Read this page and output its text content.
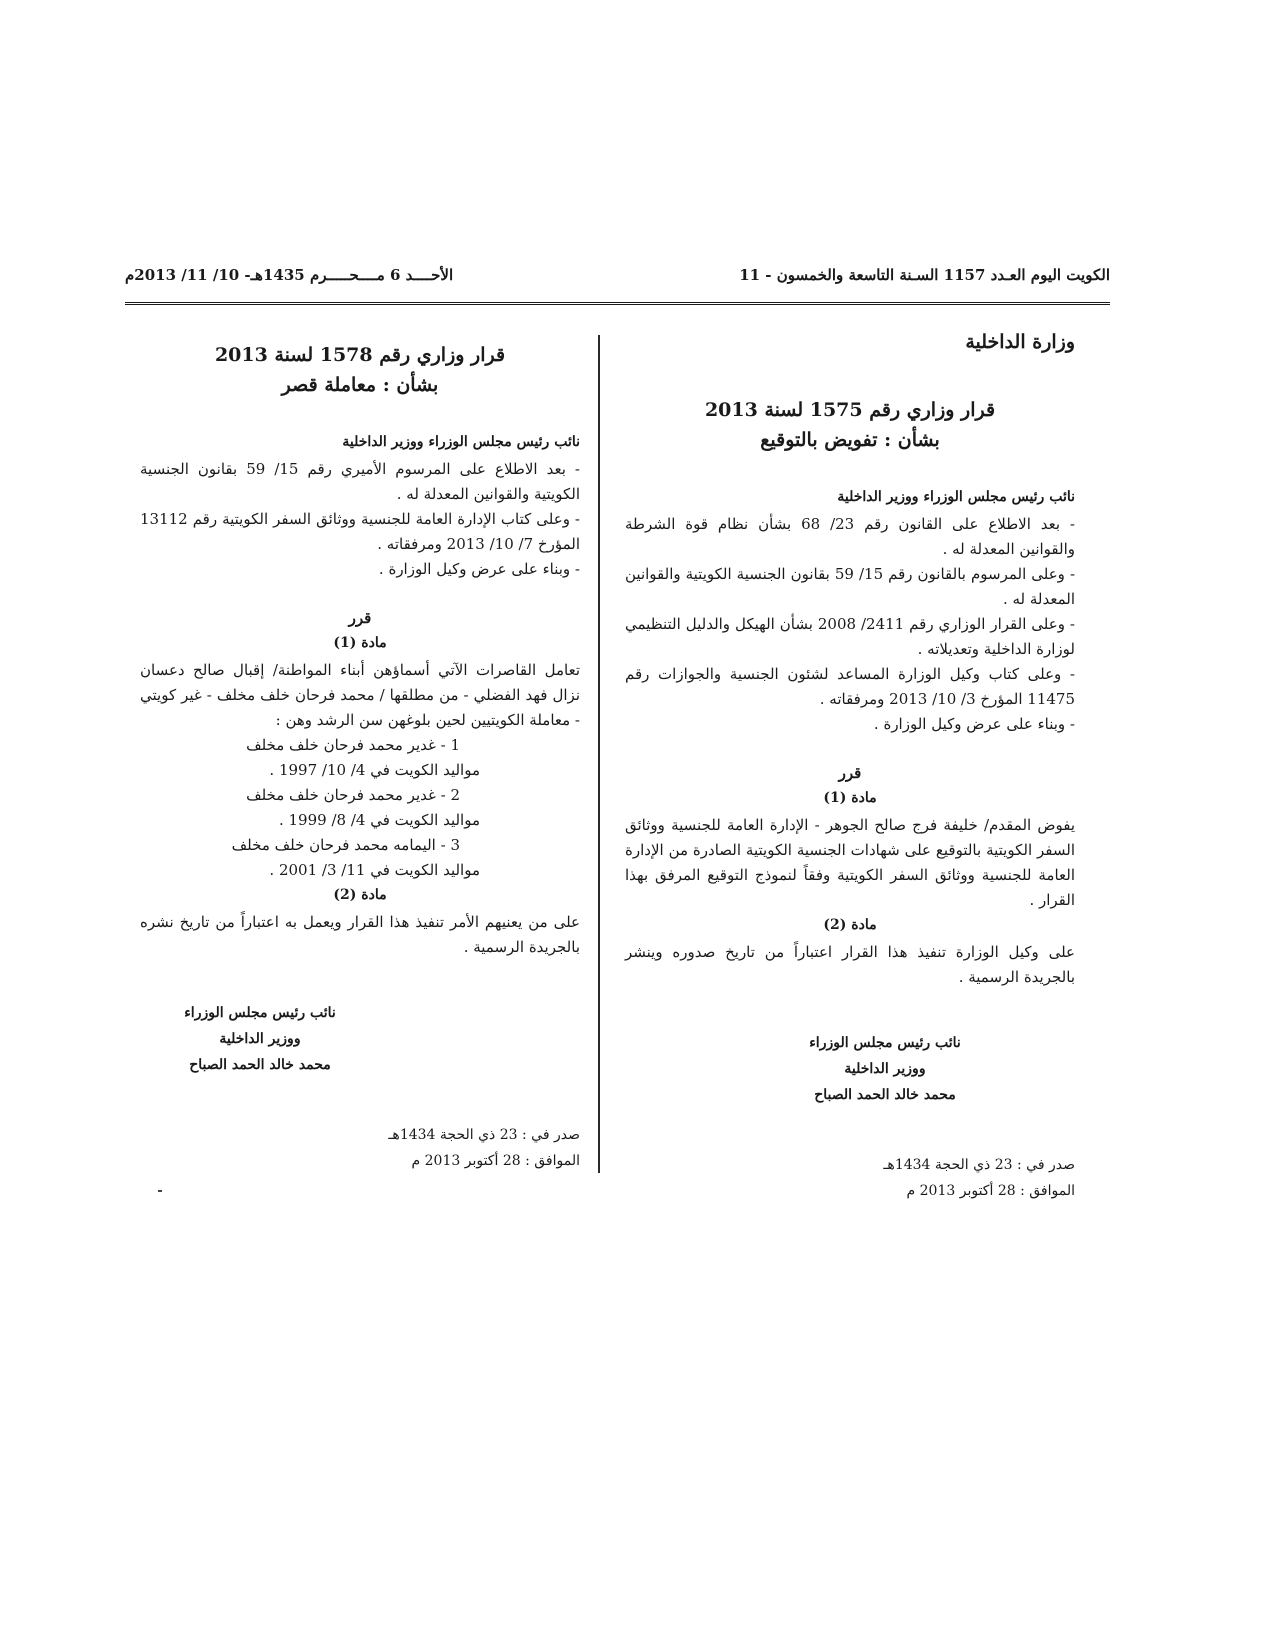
الكويت اليوم العـدد 1157 السـنة التاسعة والخمسون - 11
الأحــــد 6 مــــحـــــرم 1435هـ- 10/ 11/ 2013م

وزارة الداخلية

قرار وزاري رقم 1575 لسنة 2013

بشأن : تفويض بالتوقيع

نائب رئيس مجلس الوزراء ووزير الداخلية

- بعد الاطلاع على القانون رقم 23/ 68 بشأن نظام قوة الشرطة والقوانين المعدلة له .

- وعلى المرسوم بالقانون رقم 15/ 59 بقانون الجنسية الكويتية والقوانين المعدلة له .

- وعلى القرار الوزاري رقم 2411/ 2008 بشأن الهيكل والدليل التنظيمي لوزارة الداخلية وتعديلاته .

- وعلى كتاب وكيل الوزارة المساعد لشئون الجنسية والجوازات رقم 11475 المؤرخ 3/ 10/ 2013 ومرفقاته .

- وبناء على عرض وكيل الوزارة .

قرر

مادة (1)

يفوض المقدم/ خليفة فرج صالح الجوهر - الإدارة العامة للجنسية ووثائق السفر الكويتية بالتوقيع على شهادات الجنسية الكويتية الصادرة من الإدارة العامة للجنسية ووثائق السفر الكويتية وفقاً لنموذج التوقيع المرفق بهذا القرار .

مادة (2)

على وكيل الوزارة تنفيذ هذا القرار اعتباراً من تاريخ صدوره وينشر بالجريدة الرسمية .

نائب رئيس مجلس الوزراء

ووزير الداخلية

محمد خالد الحمد الصباح

صدر في : 23 ذي الحجة 1434هـ

الموافق : 28 أكتوبر 2013 م

قرار وزاري رقم 1578 لسنة 2013

بشأن : معاملة قصر

نائب رئيس مجلس الوزراء ووزير الداخلية

- بعد الاطلاع على المرسوم الأميري رقم 15/ 59 بقانون الجنسية الكويتية والقوانين المعدلة له .

- وعلى كتاب الإدارة العامة للجنسية ووثائق السفر الكويتية رقم 13112 المؤرخ 7/ 10/ 2013 ومرفقاته .

- وبناء على عرض وكيل الوزارة .

قرر

مادة (1)

تعامل القاصرات الآتي أسماؤهن أبناء المواطنة/ إقبال صالح دعسان نزال فهد الفضلي - من مطلقها / محمد فرحان خلف مخلف - غير كويتي - معاملة الكويتيين لحين بلوغهن سن الرشد وهن :

1 - غدير محمد فرحان خلف مخلف

مواليد الكويت في 4/ 10/ 1997 .

2 - غدير محمد فرحان خلف مخلف

مواليد الكويت في 4/ 8/ 1999 .

3 - اليمامه محمد فرحان خلف مخلف

مواليد الكويت في 11/ 3/ 2001 .

مادة (2)

على من يعنيهم الأمر تنفيذ هذا القرار ويعمل به اعتباراً من تاريخ نشره بالجريدة الرسمية .

نائب رئيس مجلس الوزراء

ووزير الداخلية

محمد خالد الحمد الصباح

صدر في : 23 ذي الحجة 1434هـ

الموافق : 28 أكتوبر 2013 م
